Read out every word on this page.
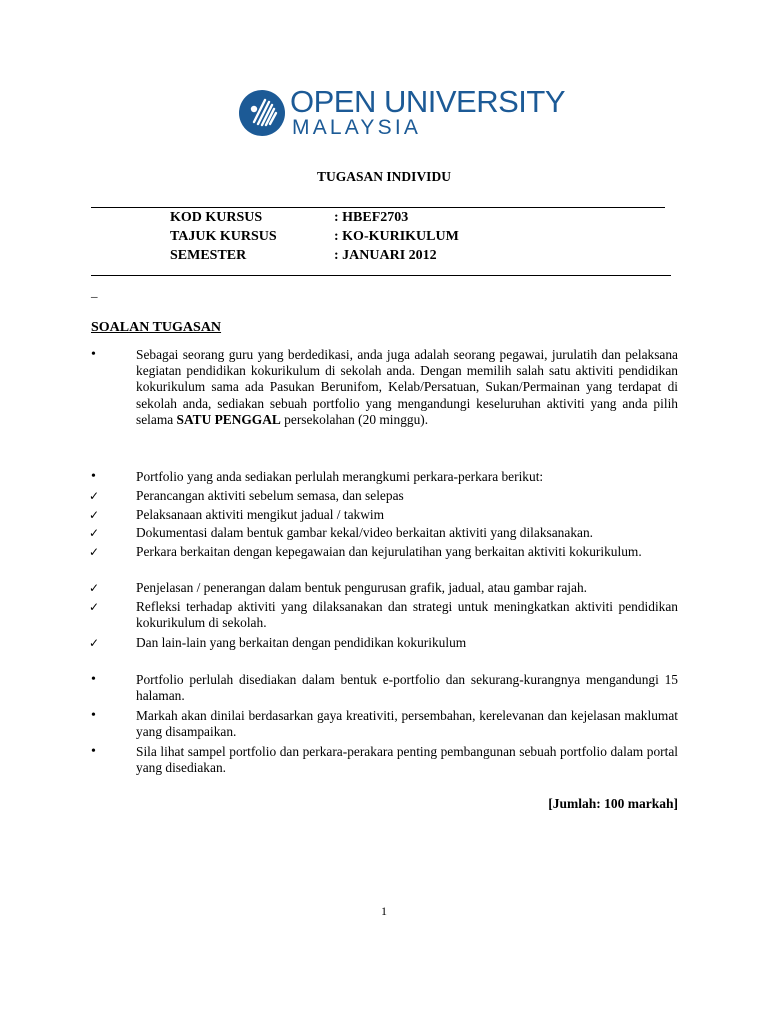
OPEN UNIVERSITY
MALAYSIA
TUGASAN INDIVIDU
KOD KURSUS	: HBEF2703
TAJUK KURSUS	: KO-KURIKULUM
SEMESTER	: JANUARI 2012
_
SOALAN TUGASAN
•	Sebagai seorang guru yang berdedikasi, anda juga adalah seorang pegawai, jurulatih dan pelaksana kegiatan pendidikan kokurikulum di sekolah anda. Dengan memilih salah satu aktiviti pendidikan kokurikulum sama ada Pasukan Berunifom, Kelab/Persatuan, Sukan/Permainan yang terdapat di sekolah anda, sediakan sebuah portfolio yang mengandungi keseluruhan aktiviti yang anda pilih selama SATU PENGGAL persekolahan (20 minggu).
•	Portfolio yang anda sediakan perlulah merangkumi perkara-perkara berikut:
✓	Perancangan aktiviti sebelum semasa, dan selepas
✓	Pelaksanaan aktiviti mengikut jadual / takwim
✓	Dokumentasi dalam bentuk gambar kekal/video berkaitan aktiviti yang dilaksanakan.
✓	Perkara berkaitan dengan kepegawaian dan kejurulatihan yang berkaitan aktiviti kokurikulum.
✓	Penjelasan / penerangan dalam bentuk pengurusan grafik, jadual, atau gambar rajah.
✓	Refleksi terhadap aktiviti yang dilaksanakan dan strategi untuk meningkatkan aktiviti pendidikan kokurikulum di sekolah.
✓	Dan lain-lain yang berkaitan dengan pendidikan kokurikulum
•	Portfolio perlulah disediakan dalam bentuk e-portfolio dan sekurang-kurangnya mengandungi 15 halaman.
•	Markah akan dinilai berdasarkan gaya kreativiti, persembahan, kerelevanan dan kejelasan maklumat yang disampaikan.
•	Sila lihat sampel portfolio dan perkara-perakara penting pembangunan sebuah portfolio dalam portal yang disediakan.
[Jumlah: 100 markah]
1
